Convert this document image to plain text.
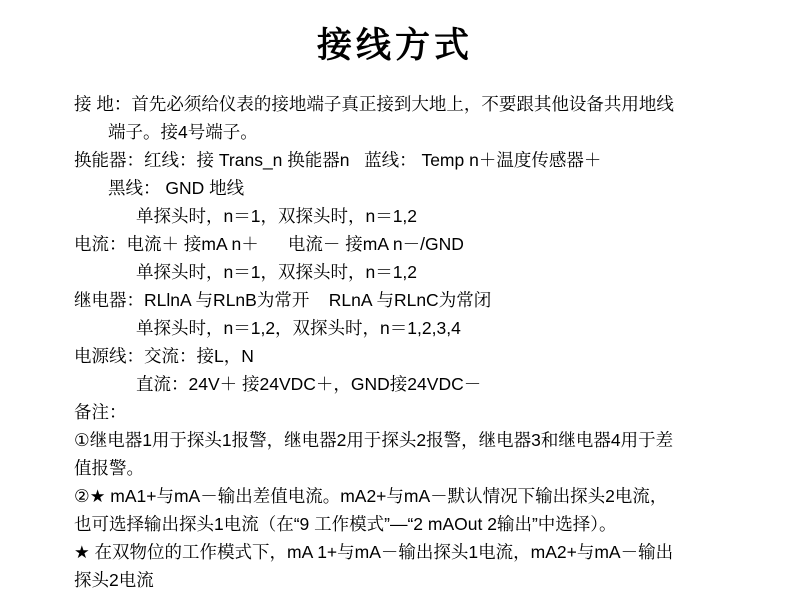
接线方式
接 地：首先必须给仪表的接地端子真正接到大地上，不要跟其他设备共用地线
端子。接4号端子。
换能器：红线：接 Trans_n 换能器n   蓝线： Temp n＋温度传感器＋
黑线： GND 地线
单探头时，n＝1，双探头时，n＝1,2
电流：电流＋ 接mA n＋      电流－ 接mA n－/GND
单探头时，n＝1，双探头时，n＝1,2
继电器：RLlnA 与RLnB为常开    RLnA 与RLnC为常闭
单探头时，n＝1,2，双探头时，n＝1,2,3,4
电源线：交流：接L，N
直流：24V＋ 接24VDC＋，GND接24VDC－
备注：
①继电器1用于探头1报警，继电器2用于探头2报警，继电器3和继电器4用于差
值报警。
②★ mA1+与mA－输出差值电流。mA2+与mA－默认情况下输出探头2电流，
也可选择输出探头1电流（在“9 工作模式”—“2 mAOut 2输出”中选择）。
★ 在双物位的工作模式下，mA 1+与mA－输出探头1电流，mA2+与mA－输出
探头2电流
